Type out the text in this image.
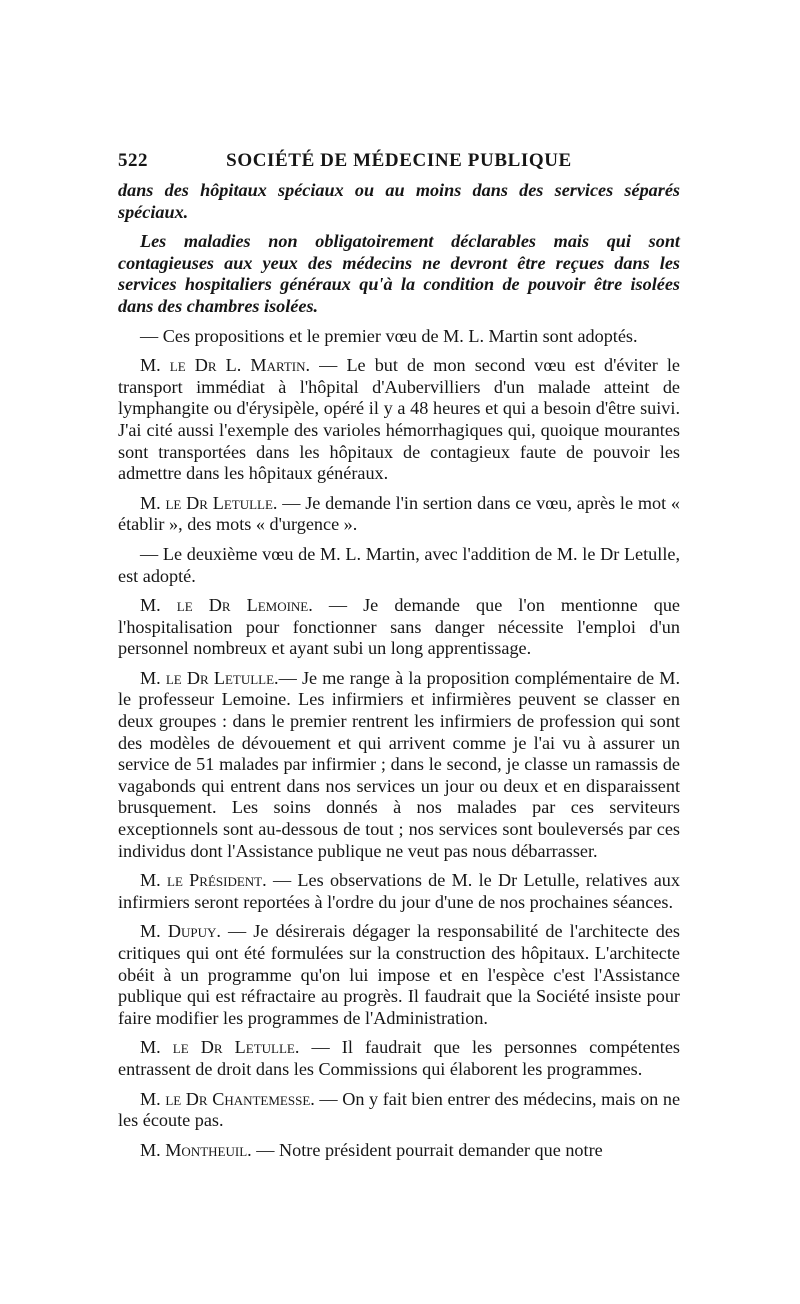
522	SOCIÉTÉ DE MÉDECINE PUBLIQUE

dans des hôpitaux spéciaux ou au moins dans des services séparés spéciaux.

Les maladies non obligatoirement déclarables mais qui sont contagieuses aux yeux des médecins ne devront être reçues dans les services hospitaliers généraux qu'à la condition de pouvoir être isolées dans des chambres isolées.

— Ces propositions et le premier vœu de M. L. Martin sont adoptés.

M. le Dr L. Martin. — Le but de mon second vœu est d'éviter le transport immédiat à l'hôpital d'Aubervilliers d'un malade atteint de lymphangite ou d'érysipèle, opéré il y a 48 heures et qui a besoin d'être suivi. J'ai cité aussi l'exemple des varioles hémorrhagiques qui, quoique mourantes sont transportées dans les hôpitaux de contagieux faute de pouvoir les admettre dans les hôpitaux généraux.

M. le Dr Letulle. — Je demande l'in sertion dans ce vœu, après le mot « établir », des mots « d'urgence ».

— Le deuxième vœu de M. L. Martin, avec l'addition de M. le Dr Letulle, est adopté.

M. le Dr Lemoine. — Je demande que l'on mentionne que l'hospitalisation pour fonctionner sans danger nécessite l'emploi d'un personnel nombreux et ayant subi un long apprentissage.

M. le Dr Letulle.— Je me range à la proposition complémentaire de M. le professeur Lemoine. Les infirmiers et infirmières peuvent se classer en deux groupes : dans le premier rentrent les infirmiers de profession qui sont des modèles de dévouement et qui arrivent comme je l'ai vu à assurer un service de 51 malades par infirmier ; dans le second, je classe un ramassis de vagabonds qui entrent dans nos services un jour ou deux et en disparaissent brusquement. Les soins donnés à nos malades par ces serviteurs exceptionnels sont au-dessous de tout ; nos services sont bouleversés par ces individus dont l'Assistance publique ne veut pas nous débarrasser.

M. le Président. — Les observations de M. le Dr Letulle, relatives aux infirmiers seront reportées à l'ordre du jour d'une de nos prochaines séances.

M. Dupuy. — Je désirerais dégager la responsabilité de l'architecte des critiques qui ont été formulées sur la construction des hôpitaux. L'architecte obéit à un programme qu'on lui impose et en l'espèce c'est l'Assistance publique qui est réfractaire au progrès. Il faudrait que la Société insiste pour faire modifier les programmes de l'Administration.

M. le Dr Letulle. — Il faudrait que les personnes compétentes entrassent de droit dans les Commissions qui élaborent les programmes.

M. le Dr Chantemesse. — On y fait bien entrer des médecins, mais on ne les écoute pas.

M. Montheuil. — Notre président pourrait demander que notre
